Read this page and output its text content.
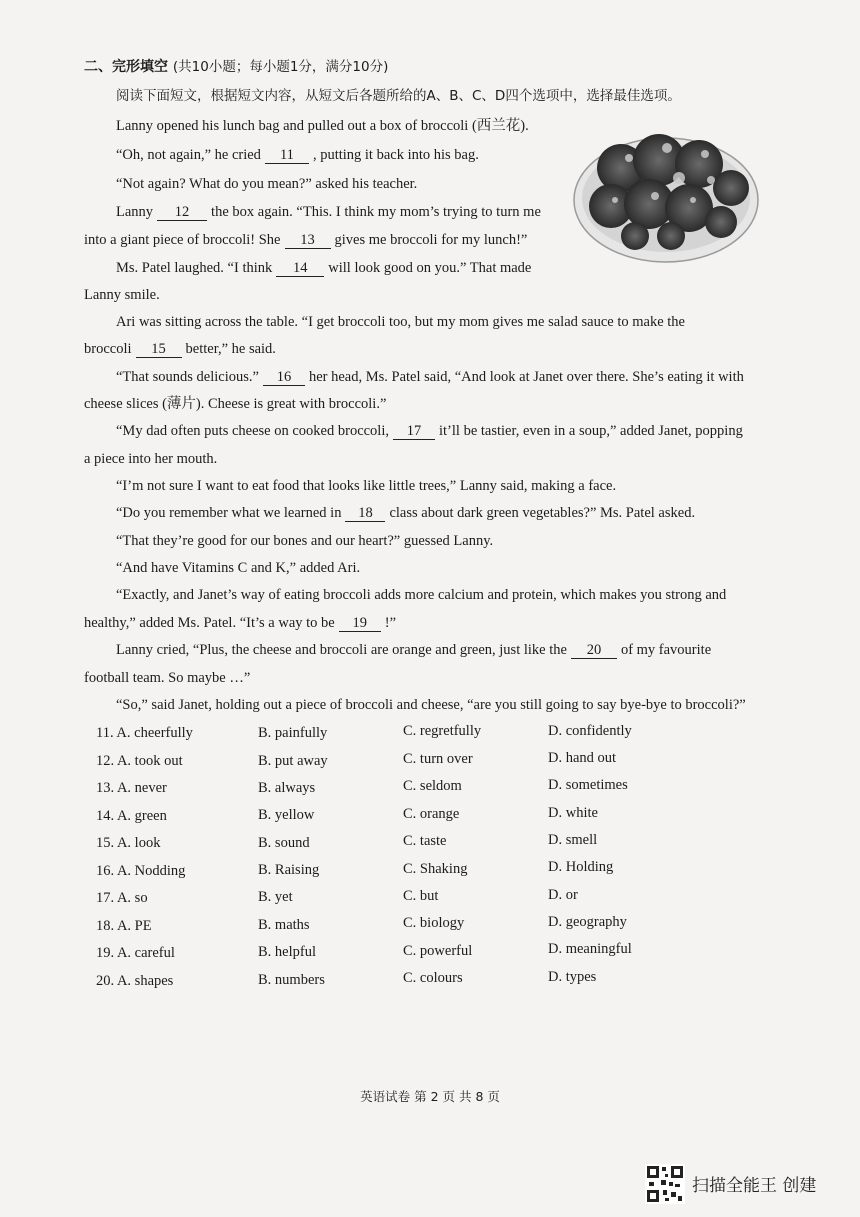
二、完形填空 (共10小题；每小题1分，满分10分)
阅读下面短文，根据短文内容，从短文后各题所给的A、B、C、D四个选项中，选择最佳选项。
Lanny opened his lunch bag and pulled out a box of broccoli (西兰花).
“Oh, not again,” he cried 11 , putting it back into his bag.
“Not again? What do you mean?” asked his teacher.
Lanny 12 the box again. “This. I think my mom’s trying to turn me
into a giant piece of broccoli! She 13 gives me broccoli for my lunch!”
Ms. Patel laughed. “I think 14 will look good on you.” That made
Lanny smile.
Ari was sitting across the table. “I get broccoli too, but my mom gives me salad sauce to make the
broccoli 15 better,” he said.
“That sounds delicious.” 16 her head, Ms. Patel said, “And look at Janet over there. She’s eating it with
cheese slices (薄片). Cheese is great with broccoli.”
“My dad often puts cheese on cooked broccoli, 17 it’ll be tastier, even in a soup,” added Janet, popping
a piece into her mouth.
“I’m not sure I want to eat food that looks like little trees,” Lanny said, making a face.
“Do you remember what we learned in 18 class about dark green vegetables?” Ms. Patel asked.
“That they’re good for our bones and our heart?” guessed Lanny.
“And have Vitamins C and K,” added Ari.
“Exactly, and Janet’s way of eating broccoli adds more calcium and protein, which makes you strong and
healthy,” added Ms. Patel. “It’s a way to be 19 !”
Lanny cried, “Plus, the cheese and broccoli are orange and green, just like the 20 of my favourite
football team. So maybe …”
“So,” said Janet, holding out a piece of broccoli and cheese, “are you still going to say bye-bye to broccoli?”
11. A. cheerfully	B. painfully	C. regretfully	D. confidently
12. A. took out	B. put away	C. turn over	D. hand out
13. A. never	B. always	C. seldom	D. sometimes
14. A. green	B. yellow	C. orange	D. white
15. A. look	B. sound	C. taste	D. smell
16. A. Nodding	B. Raising	C. Shaking	D. Holding
17. A. so	B. yet	C. but	D. or
18. A. PE	B. maths	C. biology	D. geography
19. A. careful	B. helpful	C. powerful	D. meaningful
20. A. shapes	B. numbers	C. colours	D. types
英语试卷 第 2 页 共 8 页
扫描全能王 创建
